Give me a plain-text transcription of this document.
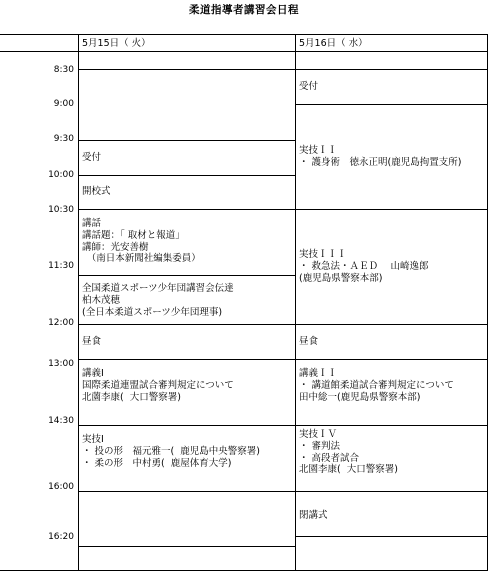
柔道指導者講習会日程
5月15日（ 火）	5月16日（ 水）
8:30
9:00
9:30
10:00
10:30
11:30
12:00
13:00
14:30
16:00
16:20
受付
開校式
講話
講話題：「 取材と報道」
講師：光安善樹
　（南日本新聞社編集委員）
全国柔道スポーツ少年団講習会伝達
柏木茂穂
(全日本柔道スポーツ少年団理事)
昼食
講義I
国際柔道連盟試合審判規定について
北薗李康(  大口警察署)
実技I
・ 投の形　福元雅一(  鹿児島中央警察署)
・ 柔の形　中村勇(  鹿屋体育大学)
受付
実技ＩＩ
・ 護身術　徳永正明(鹿児島拘置支所)
実技ＩＩＩ
・ 救急法・ＡＥＤ　 山崎逸郎
(鹿児島県警察本部)
昼食
講義ＩＩ
・ 講道館柔道試合審判規定について
田中総一(鹿児島県警察本部)
実技ＩＶ
・ 審判法
・ 高段者試合
北園李康(  大口警察署)
閉講式
